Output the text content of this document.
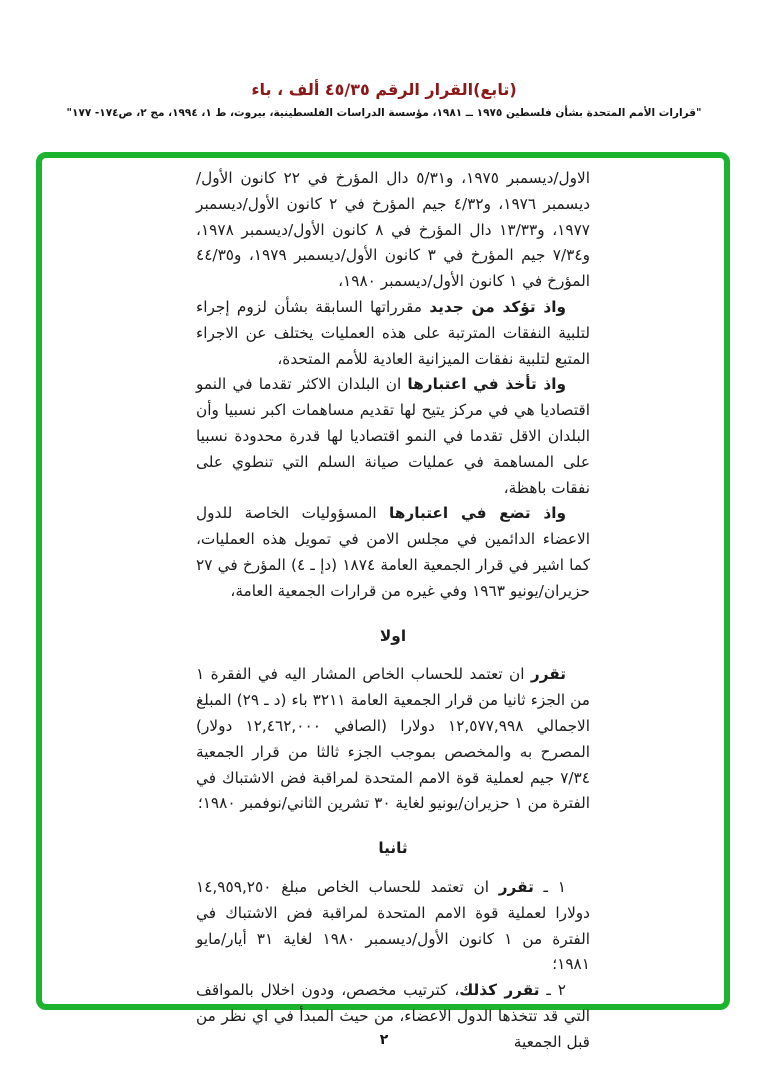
(تابع)القرار الرقم ٤٥/٣٥ ألف ، باء
"قرارات الأمم المتحدة بشأن فلسطين ١٩٧٥ ــ ١٩٨١، مؤسسة الدراسات الفلسطينية، بيروت، ط ١، ١٩٩٤، مج ٢، ص١٧٤- ١٧٧"

الاول/ديسمبر ١٩٧٥، و٥/٣١ دال المؤرخ في ٢٢ كانون الأول/ديسمبر ١٩٧٦، و٤/٣٢ جيم المؤرخ في ٢ كانون الأول/ديسمبر ١٩٧٧، و١٣/٣٣ دال المؤرخ في ٨ كانون الأول/ديسمبر ١٩٧٨، و٧/٣٤ جيم المؤرخ في ٣ كانون الأول/ديسمبر ١٩٧٩، و٤٤/٣٥ المؤرخ في ١ كانون الأول/ديسمبر ١٩٨٠،

واذ تؤكد من جديد مقرراتها السابقة بشأن لزوم إجراء لتلبية النفقات المترتبة على هذه العمليات يختلف عن الاجراء المتبع لتلبية نفقات الميزانية العادية للأمم المتحدة،

واذ تأخذ في اعتبارها ان البلدان الاكثر تقدما في النمو اقتصاديا هي في مركز يتيح لها تقديم مساهمات اكبر نسبيا وأن البلدان الاقل تقدما في النمو اقتصاديا لها قدرة محدودة نسبيا على المساهمة في عمليات صيانة السلم التي تنطوي على نفقات باهظة،

واذ تضع في اعتبارها المسؤوليات الخاصة للدول الاعضاء الدائمين في مجلس الامن في تمويل هذه العمليات، كما اشير في قرار الجمعية العامة ١٨٧٤ (دإ ـ ٤) المؤرخ في ٢٧ حزيران/يونيو ١٩٦٣ وفي غيره من قرارات الجمعية العامة،

اولا

تقرر ان تعتمد للحساب الخاص المشار اليه في الفقرة ١ من الجزء ثانيا من قرار الجمعية العامة ٣٢١١ باء (د ـ ٢٩) المبلغ الاجمالي ١٢,٥٧٧,٩٩٨ دولارا (الصافي ١٢,٤٦٢,٠٠٠ دولار) المصرح به والمخصص بموجب الجزء ثالثا من قرار الجمعية ٧/٣٤ جيم لعملية قوة الامم المتحدة لمراقبة فض الاشتباك في الفترة من ١ حزيران/يونيو لغاية ٣٠ تشرين الثاني/نوفمبر ١٩٨٠؛

ثانيا

١ ـ تقرر ان تعتمد للحساب الخاص مبلغ ١٤,٩٥٩,٢٥٠ دولارا لعملية قوة الامم المتحدة لمراقبة فض الاشتباك في الفترة من ١ كانون الأول/ديسمبر ١٩٨٠ لغاية ٣١ أيار/مايو ١٩٨١؛

٢ ـ تقرر كذلك، كترتيب مخصص، ودون اخلال بالمواقف التي قد تتخذها الدول الاعضاء، من حيث المبدأ في اي نظر من قبل الجمعية

٢
